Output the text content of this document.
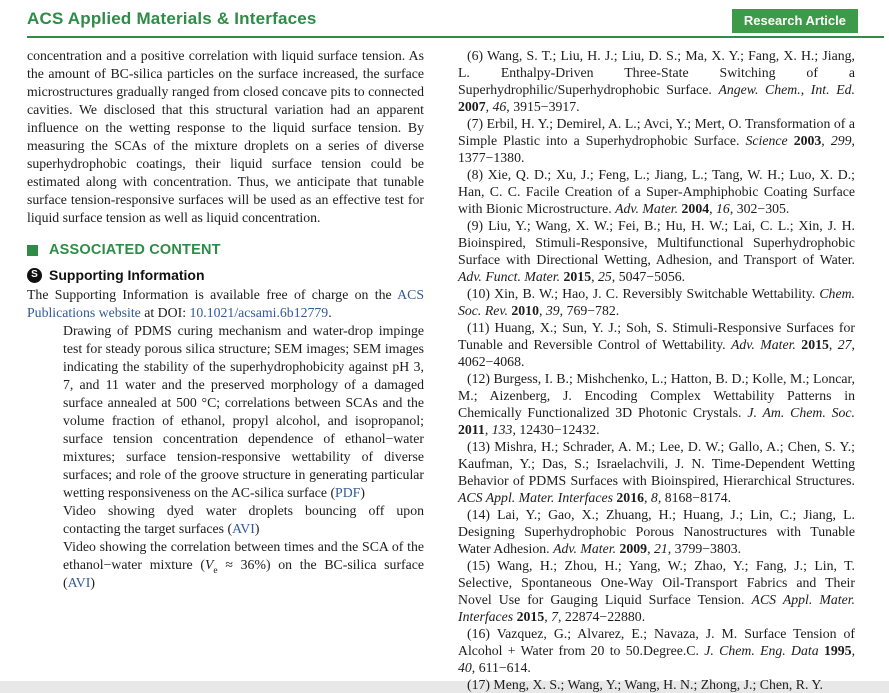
ACS Applied Materials & Interfaces	Research Article

concentration and a positive correlation with liquid surface tension. As the amount of BC-silica particles on the surface increased, the surface microstructures gradually ranged from closed concave pits to connected cavities. We disclosed that this structural variation had an apparent influence on the wetting response to the liquid surface tension. By measuring the SCAs of the mixture droplets on a series of diverse superhydrophobic coatings, their liquid surface tension could be estimated along with concentration. Thus, we anticipate that tunable surface tension-responsive surfaces will be used as an effective test for liquid surface tension as well as liquid concentration.

ASSOCIATED CONTENT
S Supporting Information

The Supporting Information is available free of charge on the ACS Publications website at DOI: 10.1021/acsami.6b12779.

Drawing of PDMS curing mechanism and water-drop impinge test for steady porous silica structure; SEM images; SEM images indicating the stability of the superhydrophobicity against pH 3, 7, and 11 water and the preserved morphology of a damaged surface annealed at 500 °C; correlations between SCAs and the volume fraction of ethanol, propyl alcohol, and isopropanol; surface tension concentration dependence of ethanol−water mixtures; surface tension-responsive wettability of diverse surfaces; and role of the groove structure in generating particular wetting responsiveness on the AC-silica surface (PDF)
Video showing dyed water droplets bouncing off upon contacting the target surfaces (AVI)
Video showing the correlation between times and the SCA of the ethanol−water mixture $(V_e \approx 36\%)$ on the BC-silica surface (AVI)
(6) Wang, S. T.; Liu, H. J.; Liu, D. S.; Ma, X. Y.; Fang, X. H.; Jiang, L. Enthalpy-Driven Three-State Switching of a Superhydrophilic/Superhydrophobic Surface. Angew. Chem., Int. Ed. 2007, 46, 3915−3917.
(7) Erbil, H. Y.; Demirel, A. L.; Avci, Y.; Mert, O. Transformation of a Simple Plastic into a Superhydrophobic Surface. Science 2003, 299, 1377−1380.
(8) Xie, Q. D.; Xu, J.; Feng, L.; Jiang, L.; Tang, W. H.; Luo, X. D.; Han, C. C. Facile Creation of a Super-Amphiphobic Coating Surface with Bionic Microstructure. Adv. Mater. 2004, 16, 302−305.
(9) Liu, Y.; Wang, X. W.; Fei, B.; Hu, H. W.; Lai, C. L.; Xin, J. H. Bioinspired, Stimuli-Responsive, Multifunctional Superhydrophobic Surface with Directional Wetting, Adhesion, and Transport of Water. Adv. Funct. Mater. 2015, 25, 5047−5056.
(10) Xin, B. W.; Hao, J. C. Reversibly Switchable Wettability. Chem. Soc. Rev. 2010, 39, 769−782.
(11) Huang, X.; Sun, Y. J.; Soh, S. Stimuli-Responsive Surfaces for Tunable and Reversible Control of Wettability. Adv. Mater. 2015, 27, 4062−4068.
(12) Burgess, I. B.; Mishchenko, L.; Hatton, B. D.; Kolle, M.; Loncar, M.; Aizenberg, J. Encoding Complex Wettability Patterns in Chemically Functionalized 3D Photonic Crystals. J. Am. Chem. Soc. 2011, 133, 12430−12432.
(13) Mishra, H.; Schrader, A. M.; Lee, D. W.; Gallo, A.; Chen, S. Y.; Kaufman, Y.; Das, S.; Israelachvili, J. N. Time-Dependent Wetting Behavior of PDMS Surfaces with Bioinspired, Hierarchical Structures. ACS Appl. Mater. Interfaces 2016, 8, 8168−8174.
(14) Lai, Y.; Gao, X.; Zhuang, H.; Huang, J.; Lin, C.; Jiang, L. Designing Superhydrophobic Porous Nanostructures with Tunable Water Adhesion. Adv. Mater. 2009, 21, 3799−3803.
(15) Wang, H.; Zhou, H.; Yang, W.; Zhao, Y.; Fang, J.; Lin, T. Selective, Spontaneous One-Way Oil-Transport Fabrics and Their Novel Use for Gauging Liquid Surface Tension. ACS Appl. Mater. Interfaces 2015, 7, 22874−22880.
(16) Vazquez, G.; Alvarez, E.; Navaza, J. M. Surface Tension of Alcohol + Water from 20 to 50.Degree.C. J. Chem. Eng. Data 1995, 40, 611−614.
(17) Meng, X. S.; Wang, Y.; Wang, H. N.; Zhong, J.; Chen, R. Y.
